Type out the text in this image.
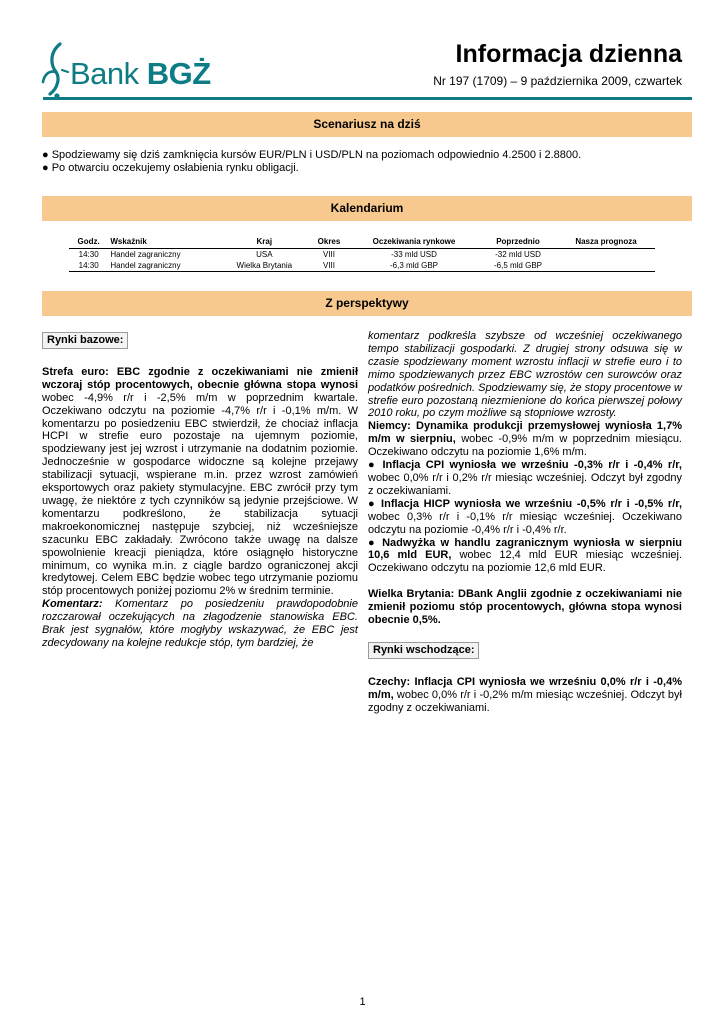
Bank BGŻ
Informacja dzienna
Nr 197 (1709) – 9 października 2009, czwartek
Scenariusz na dziś
● Spodziewamy się dziś zamknięcia kursów EUR/PLN i USD/PLN na poziomach odpowiednio 4.2500 i 2.8800.
● Po otwarciu oczekujemy osłabienia rynku obligacji.
Kalendarium
Godz.	Wskaźnik	Kraj	Okres	Oczekiwania rynkowe	Poprzednio	Nasza prognoza
14:30	Handel zagraniczny	USA	VIII	-33 mld USD	-32 mld USD	
14:30	Handel zagraniczny	Wielka Brytania	VIII	-6,3 mld GBP	-6,5 mld GBP	
Z perspektywy
Rynki bazowe:

Strefa euro: EBC zgodnie z oczekiwaniami nie zmienił wczoraj stóp procentowych, obecnie główna stopa wynosi wobec -4,9% r/r i -2,5% m/m w poprzednim kwartale. Oczekiwano odczytu na poziomie -4,7% r/r i -0,1% m/m. W komentarzu po posiedzeniu EBC stwierdził, że chociaż inflacja HCPI w strefie euro pozostaje na ujemnym poziomie, spodziewany jest jej wzrost i utrzymanie na dodatnim poziomie. Jednocześnie w gospodarce widoczne są kolejne przejawy stabilizacji sytuacji, wspierane m.in. przez wzrost zamówień eksportowych oraz pakiety stymulacyjne. EBC zwrócił przy tym uwagę, że niektóre z tych czynników są jedynie przejściowe. W komentarzu podkreślono, że stabilizacja sytuacji makroekonomicznej następuje szybciej, niż wcześniejsze szacunku EBC zakładały. Zwrócono także uwagę na dalsze spowolnienie kreacji pieniądza, które osiągnęło historyczne minimum, co wynika m.in. z ciągle bardzo ograniczonej akcji kredytowej. Celem EBC będzie wobec tego utrzymanie poziomu stóp procentowych poniżej poziomu 2% w średnim terminie.

Komentarz: Komentarz po posiedzeniu prawdopodobnie rozczarował oczekujących na złagodzenie stanowiska EBC. Brak jest sygnałów, które mogłyby wskazywać, że EBC jest zdecydowany na kolejne redukcje stóp, tym bardziej, że

komentarz podkreśla szybsze od wcześniej oczekiwanego tempo stabilizacji gospodarki. Z drugiej strony odsuwa się w czasie spodziewany moment wzrostu inflacji w strefie euro i to mimo spodziewanych przez EBC wzrostów cen surowców oraz podatków pośrednich. Spodziewamy się, że stopy procentowe w strefie euro pozostaną niezmienione do końca pierwszej połowy 2010 roku, po czym możliwe są stopniowe wzrosty.

Niemcy: Dynamika produkcji przemysłowej wyniosła 1,7% m/m w sierpniu, wobec -0,9% m/m w poprzednim miesiącu. Oczekiwano odczytu na poziomie 1,6% m/m.

● Inflacja CPI wyniosła we wrześniu -0,3% r/r i -0,4% r/r, wobec 0,0% r/r i 0,2% r/r miesiąc wcześniej. Odczyt był zgodny z oczekiwaniami.

● Inflacja HICP wyniosła we wrześniu -0,5% r/r i -0,5% r/r, wobec 0,3% r/r i -0,1% r/r miesiąc wcześniej. Oczekiwano odczytu na poziomie -0,4% r/r i -0,4% r/r.

● Nadwyżka w handlu zagranicznym wyniosła w sierpniu 10,6 mld EUR, wobec 12,4 mld EUR miesiąc wcześniej. Oczekiwano odczytu na poziomie 12,6 mld EUR.

Wielka Brytania: DBank Anglii zgodnie z oczekiwaniami nie zmienił poziomu stóp procentowych, główna stopa wynosi obecnie 0,5%.

Rynki wschodzące:

Czechy: Inflacja CPI wyniosła we wrześniu 0,0% r/r i -0,4% m/m, wobec 0,0% r/r i -0,2% m/m miesiąc wcześniej. Odczyt był zgodny z oczekiwaniami.

1
